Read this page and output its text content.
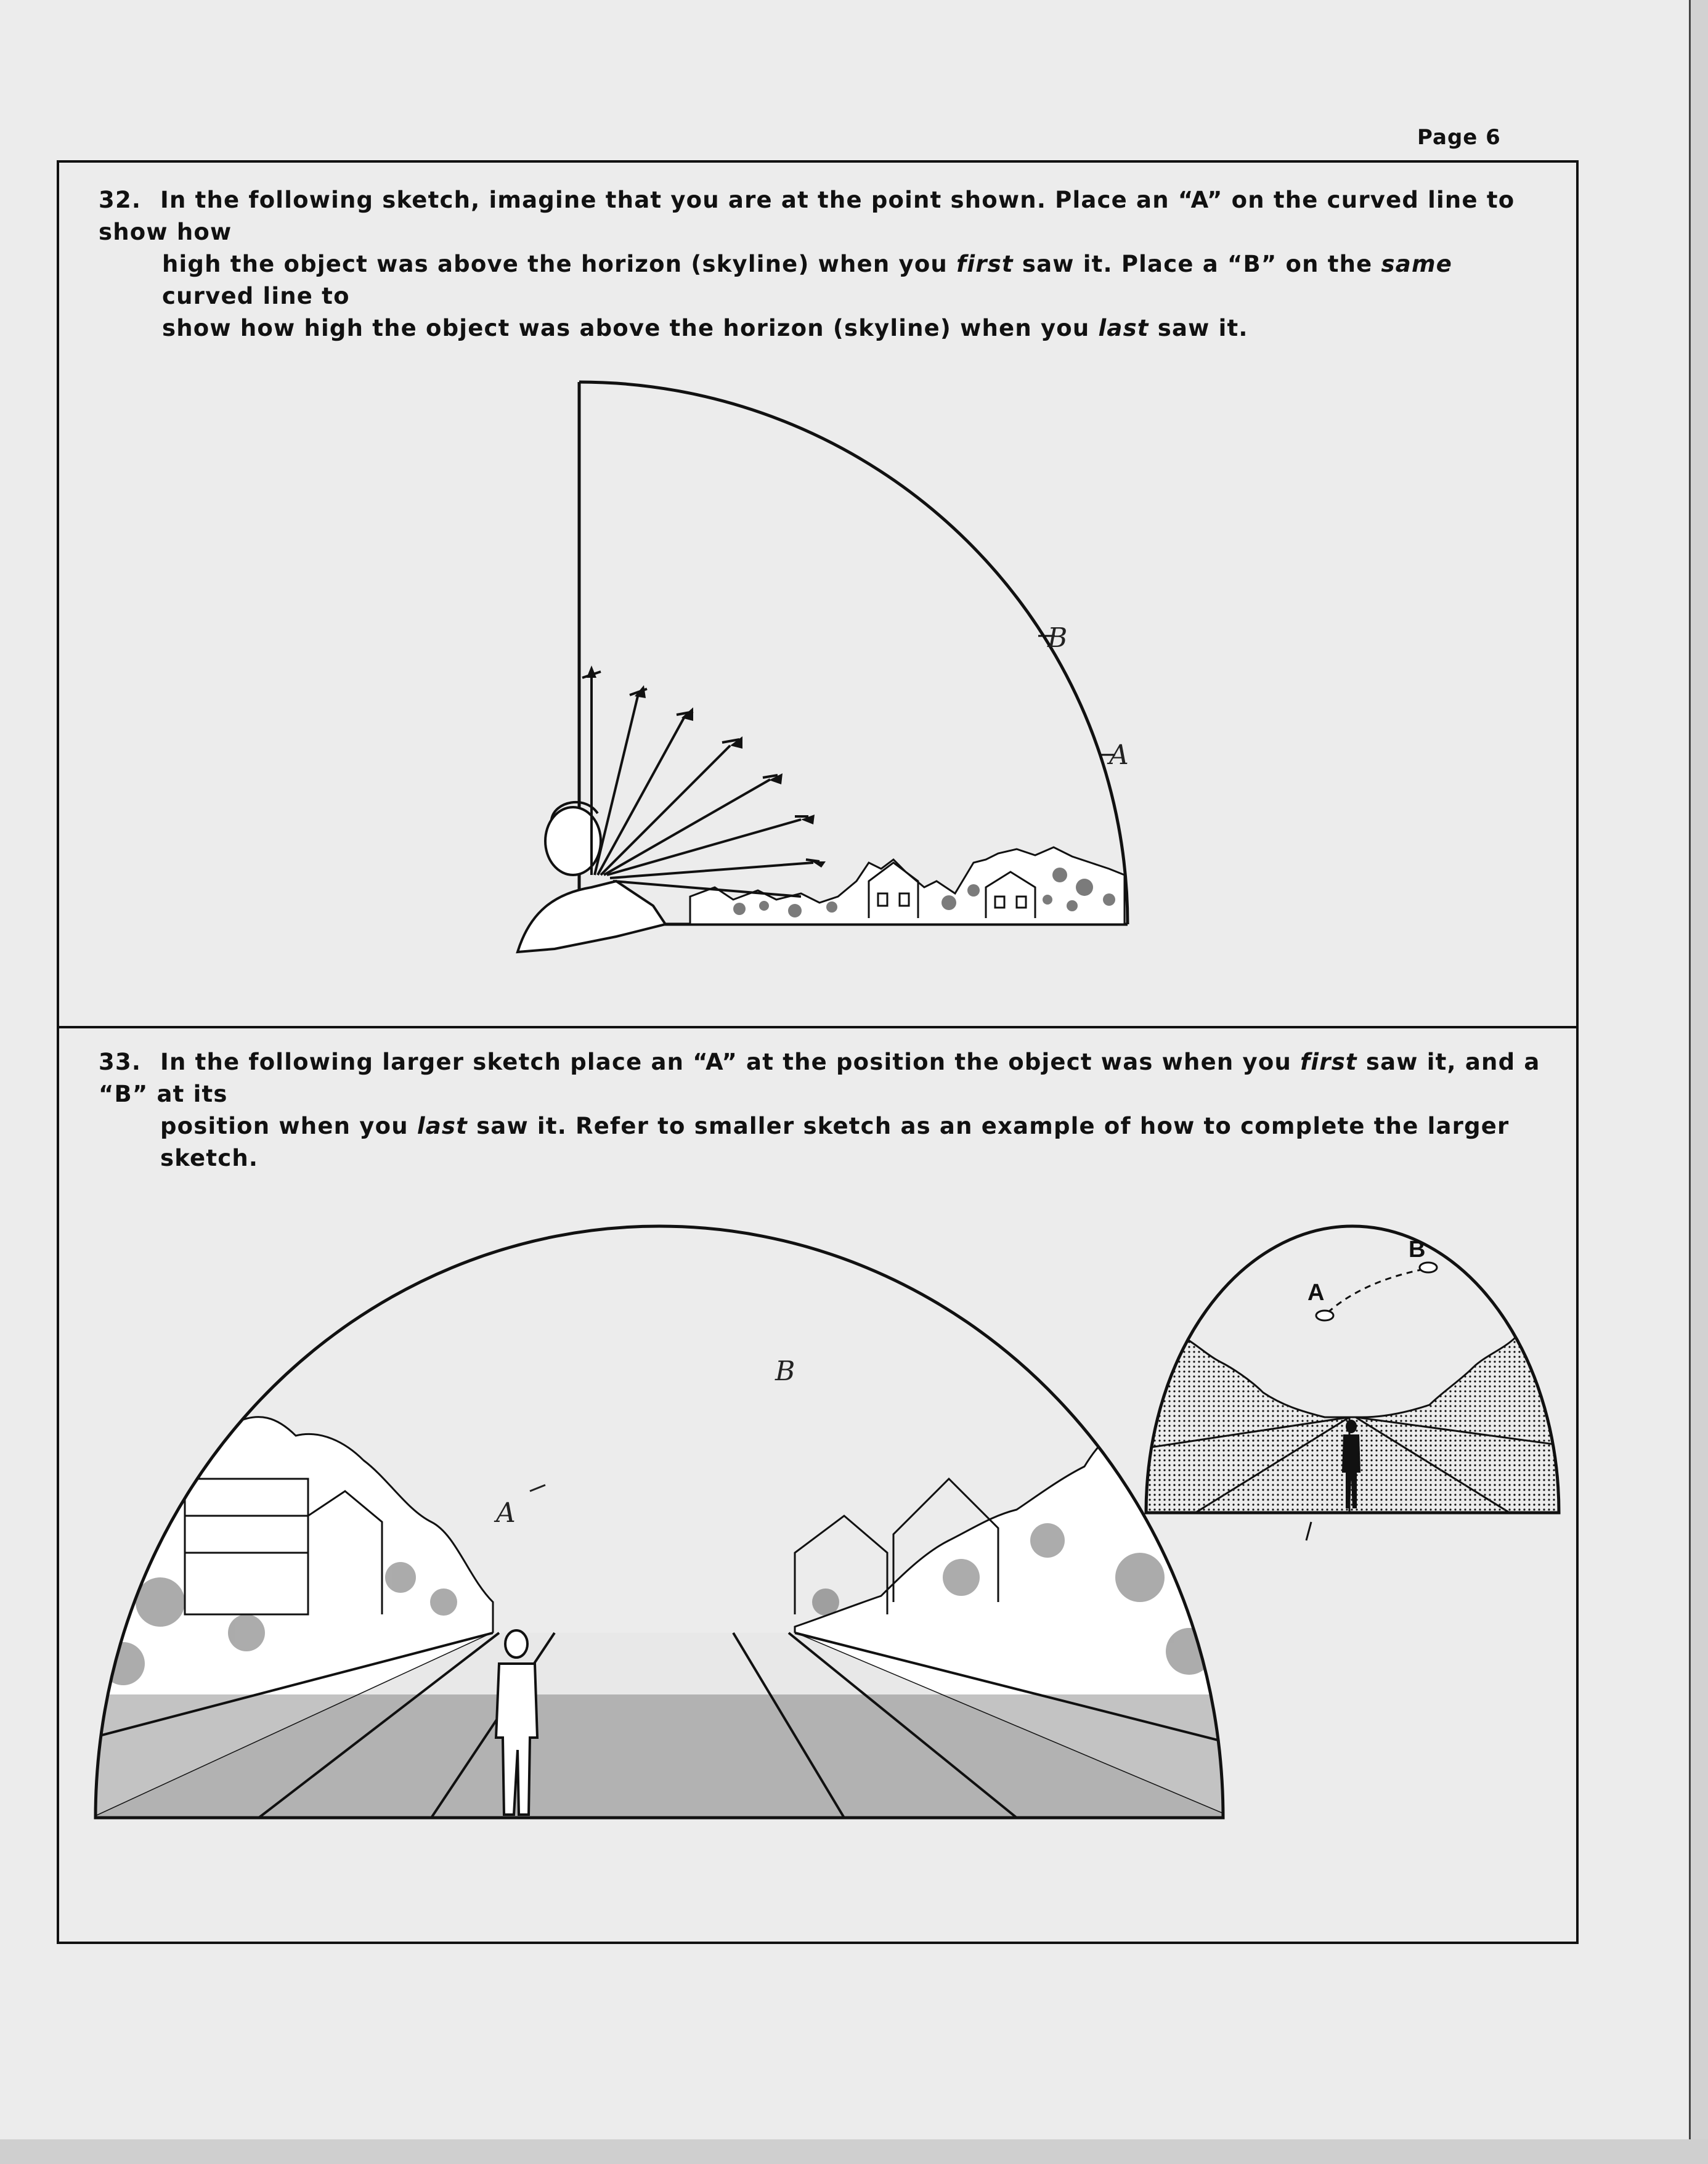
Page 6
32. In the following sketch, imagine that you are at the point shown. Place an “A” on the curved line to show how
high the object was above the horizon (skyline) when you first saw it. Place a “B” on the same curved line to
show how high the object was above the horizon (skyline) when you last saw it.
B
A
33. In the following larger sketch place an “A” at the position the object was when you first saw it, and a “B” at its
position when you last saw it. Refer to smaller sketch as an example of how to complete the larger sketch.
A
B
A
B
